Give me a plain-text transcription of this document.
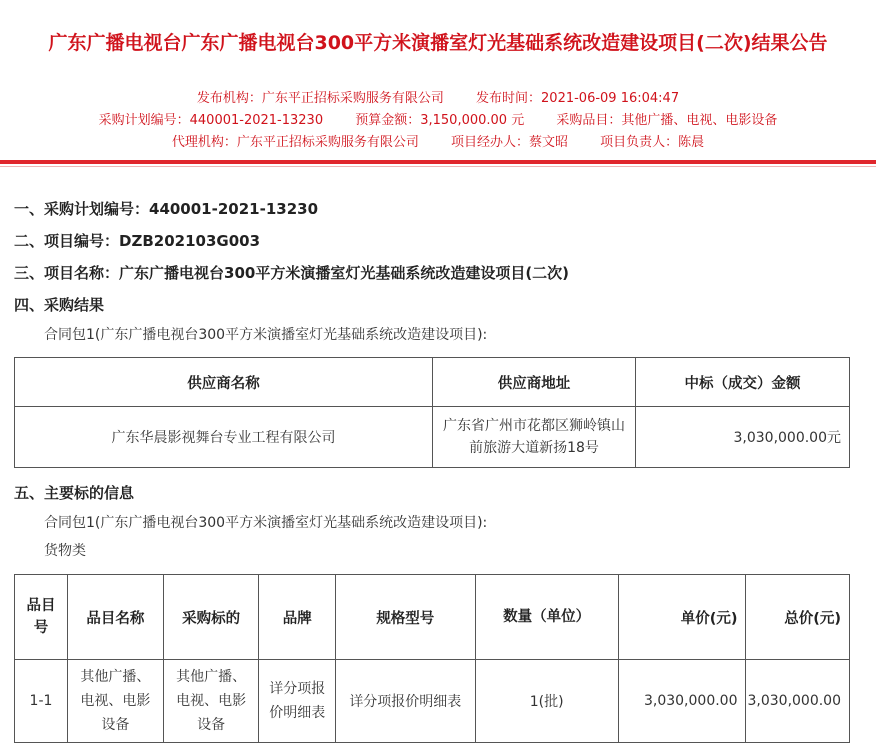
广东广播电视台广东广播电视台300平方米演播室灯光基础系统改造建设项目(二次)结果公告
发布机构：广东平正招标采购服务有限公司 发布时间：2021-06-09 16:04:47
采购计划编号：440001-2021-13230 预算金额：3,150,000.00 元 采购品目：其他广播、电视、电影设备
代理机构：广东平正招标采购服务有限公司 项目经办人：蔡文昭 项目负责人：陈晨
一、采购计划编号：440001-2021-13230
二、项目编号：DZB202103G003
三、项目名称：广东广播电视台300平方米演播室灯光基础系统改造建设项目(二次)
四、采购结果
合同包1(广东广播电视台300平方米演播室灯光基础系统改造建设项目):
供应商名称	供应商地址	中标（成交）金额
广东华晨影视舞台专业工程有限公司	广东省广州市花都区狮岭镇山前旅游大道新扬18号	3,030,000.00元
五、主要标的信息
合同包1(广东广播电视台300平方米演播室灯光基础系统改造建设项目):
货物类
品目号	品目名称	采购标的	品牌	规格型号	数量（单位）	单价(元)	总价(元)
1-1	其他广播、电视、电影设备	其他广播、电视、电影设备	详分项报价明细表	详分项报价明细表	1(批)	3,030,000.00	3,030,000.00
